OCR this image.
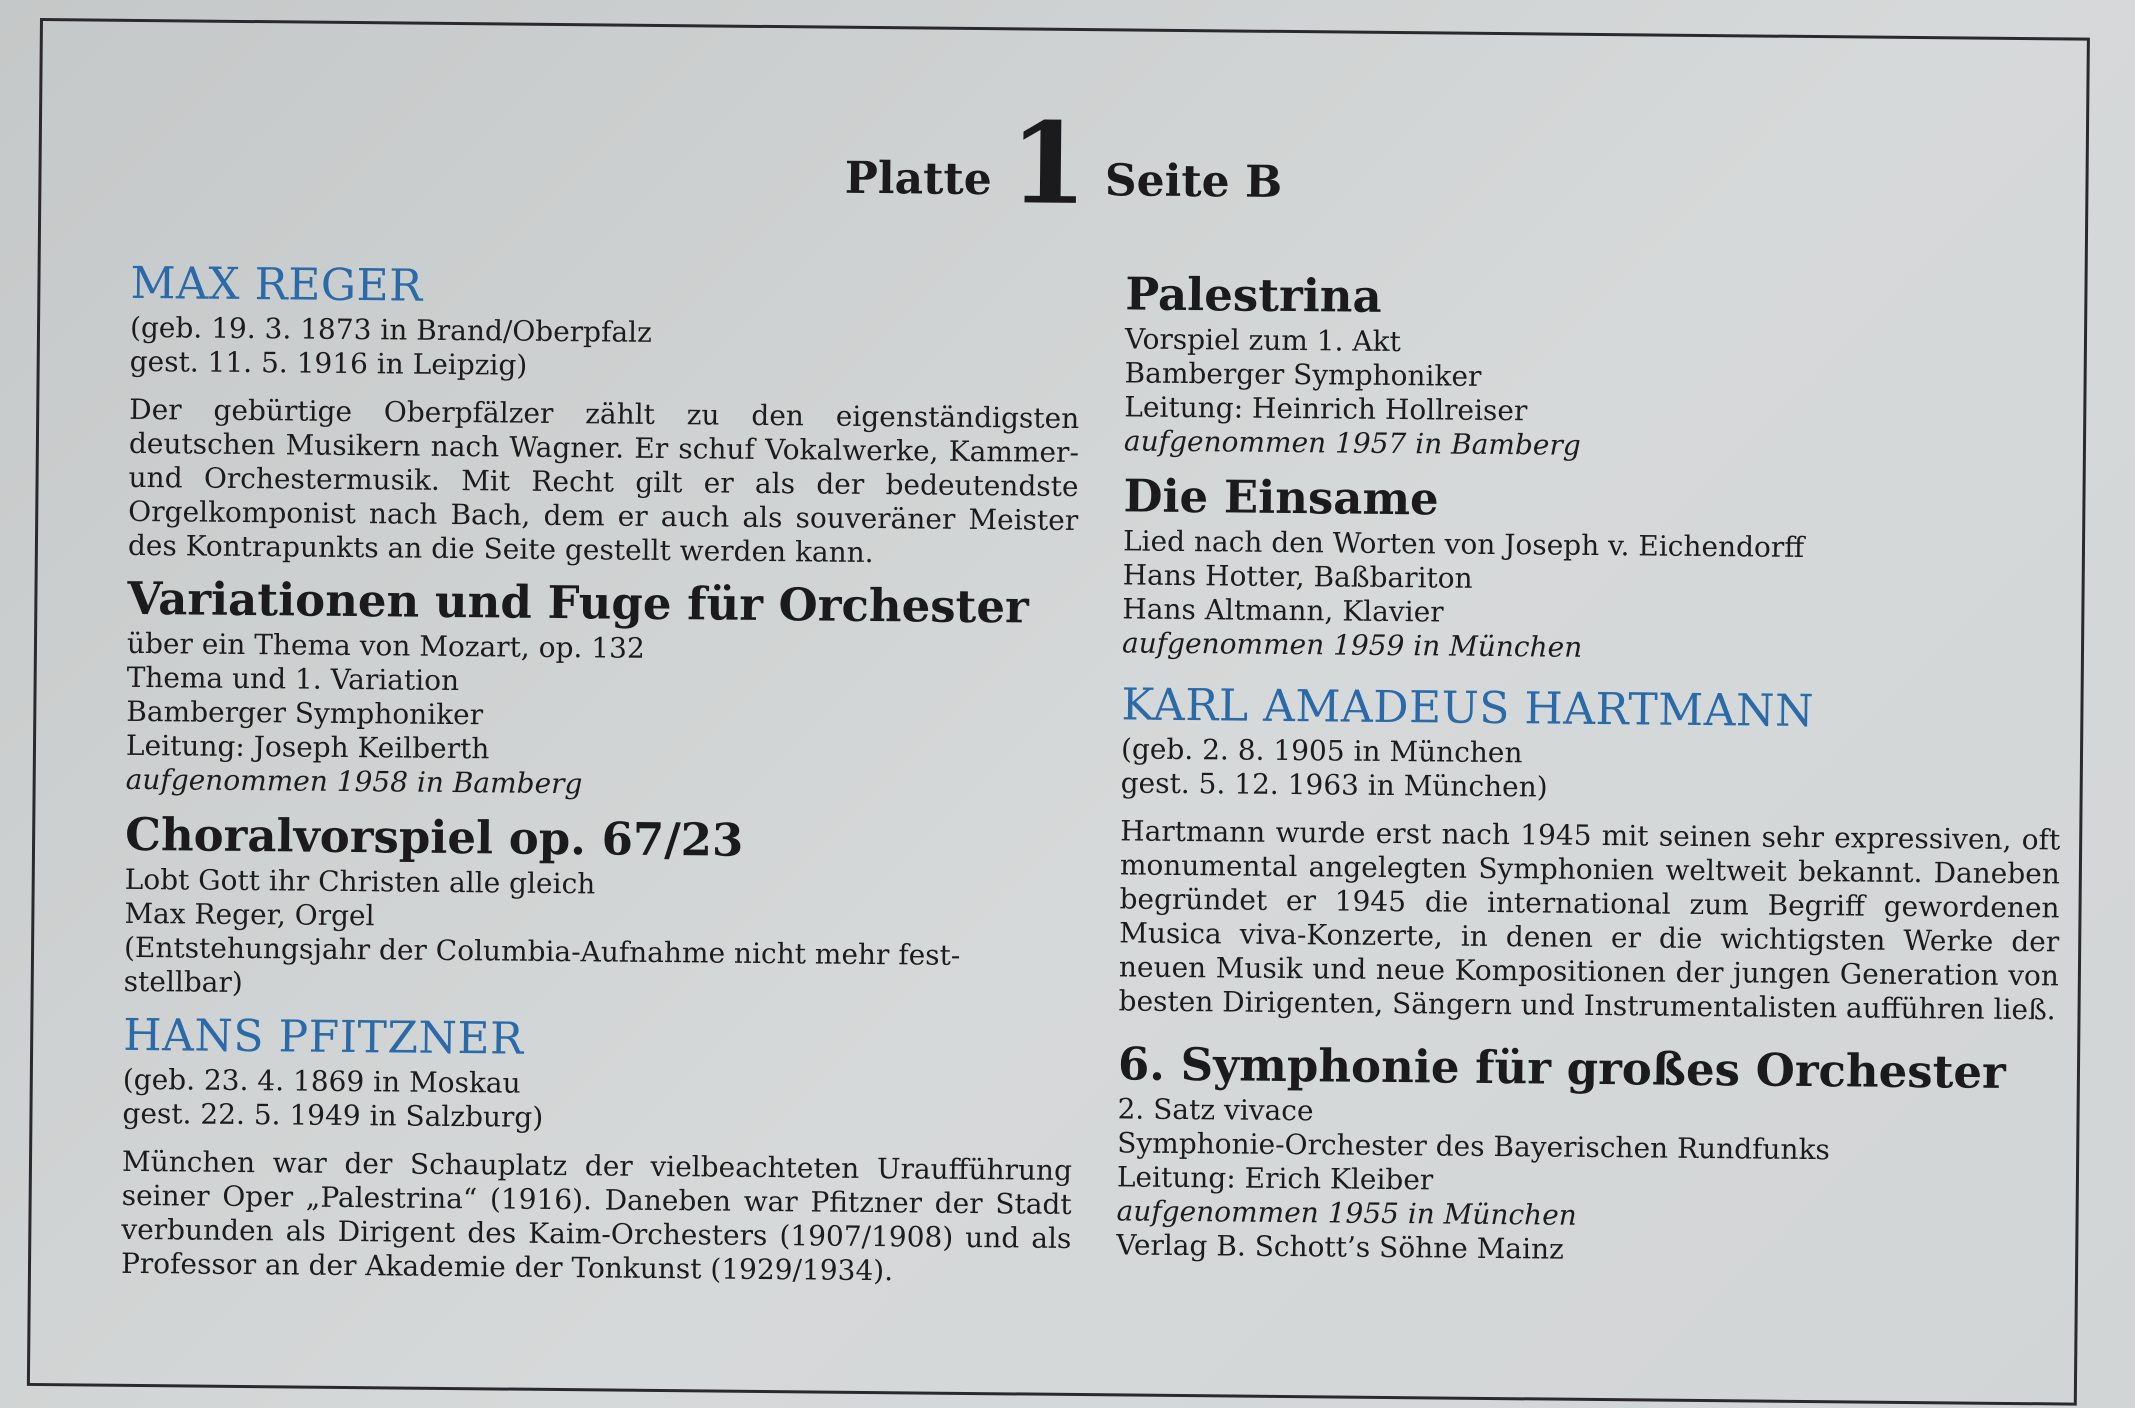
Platte 1 Seite B

MAX REGER

(geb. 19. 3. 1873 in Brand/Oberpfalz

gest. 11. 5. 1916 in Leipzig)

Der gebürtige Oberpfälzer zählt zu den eigenständigsten deutschen Musikern nach Wagner. Er schuf Vokalwerke, Kammer- und Orchestermusik. Mit Recht gilt er als der bedeutendste Orgelkomponist nach Bach, dem er auch als souveräner Meister des Kontrapunkts an die Seite gestellt werden kann.

Variationen und Fuge für Orchester

über ein Thema von Mozart, op. 132

Thema und 1. Variation

Bamberger Symphoniker

Leitung: Joseph Keilberth

aufgenommen 1958 in Bamberg

Choralvorspiel op. 67/23

Lobt Gott ihr Christen alle gleich

Max Reger, Orgel

(Entstehungsjahr der Columbia-Aufnahme nicht mehr fest-

stellbar)

HANS PFITZNER

(geb. 23. 4. 1869 in Moskau

gest. 22. 5. 1949 in Salzburg)

München war der Schauplatz der vielbeachteten Uraufführung seiner Oper „Palestrina“ (1916). Daneben war Pfitzner der Stadt verbunden als Dirigent des Kaim-Orchesters (1907/1908) und als Professor an der Akademie der Tonkunst (1929/1934).

Palestrina

Vorspiel zum 1. Akt

Bamberger Symphoniker

Leitung: Heinrich Hollreiser

aufgenommen 1957 in Bamberg

Die Einsame

Lied nach den Worten von Joseph v. Eichendorff

Hans Hotter, Baßbariton

Hans Altmann, Klavier

aufgenommen 1959 in München

KARL AMADEUS HARTMANN

(geb. 2. 8. 1905 in München

gest. 5. 12. 1963 in München)

Hartmann wurde erst nach 1945 mit seinen sehr expressiven, oft monumental angelegten Symphonien weltweit bekannt. Daneben begründet er 1945 die international zum Begriff gewordenen Musica viva-Konzerte, in denen er die wichtigsten Werke der neuen Musik und neue Kompositionen der jungen Generation von besten Dirigenten, Sängern und Instrumentalisten aufführen ließ.

6. Symphonie für großes Orchester

2. Satz vivace

Symphonie-Orchester des Bayerischen Rundfunks

Leitung: Erich Kleiber

aufgenommen 1955 in München

Verlag B. Schott’s Söhne Mainz
